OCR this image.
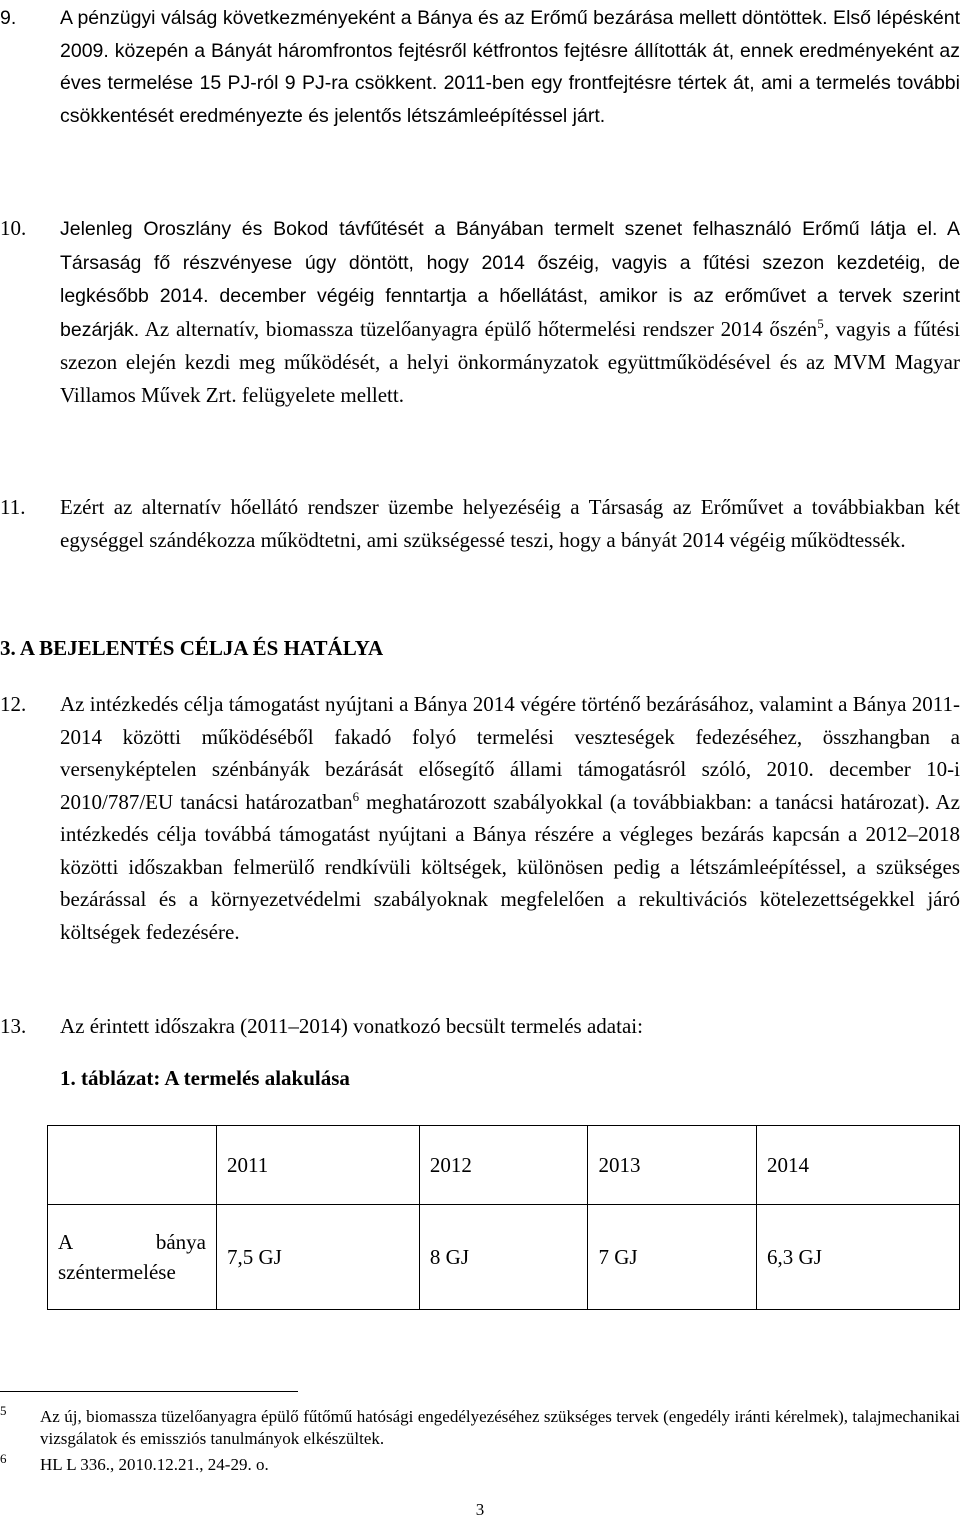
9.	A pénzügyi válság következményeként a Bánya és az Erőmű bezárása mellett döntöttek. Első lépésként 2009. közepén a Bányát háromfrontos fejtésről kétfrontos fejtésre állították át, ennek eredményeként az éves termelése 15 PJ-ról 9 PJ-ra csökkent. 2011-ben egy frontfejtésre tértek át, ami a termelés további csökkentését eredményezte és jelentős létszámleépítéssel járt.

10.	Jelenleg Oroszlány és Bokod távfűtését a Bányában termelt szenet felhasználó Erőmű látja el. A Társaság fő részvényese úgy döntött, hogy 2014 őszéig, vagyis a fűtési szezon kezdetéig, de legkésőbb 2014. december végéig fenntartja a hőellátást, amikor is az erőművet a tervek szerint bezárják. Az alternatív, biomassza tüzelőanyagra épülő hőtermelési rendszer 2014 őszén$^5$, vagyis a fűtési szezon elején kezdi meg működését, a helyi önkormányzatok együttműködésével és az MVM Magyar Villamos Művek Zrt. felügyelete mellett.

11.	Ezért az alternatív hőellátó rendszer üzembe helyezéséig a Társaság az Erőművet a továbbiakban két egységgel szándékozza működtetni, ami szükségessé teszi, hogy a bányát 2014 végéig működtessék.

3. A BEJELENTÉS CÉLJA ÉS HATÁLYA

12.	Az intézkedés célja támogatást nyújtani a Bánya 2014 végére történő bezárásához, valamint a Bánya 2011-2014 közötti működéséből fakadó folyó termelési veszteségek fedezéséhez, összhangban a versenyképtelen szénbányák bezárását elősegítő állami támogatásról szóló, 2010. december 10-i 2010/787/EU tanácsi határozatban$^6$ meghatározott szabályokkal (a továbbiakban: a tanácsi határozat). Az intézkedés célja továbbá támogatást nyújtani a Bánya részére a végleges bezárás kapcsán a 2012–2018 közötti időszakban felmerülő rendkívüli költségek, különösen pedig a létszámleépítéssel, a szükséges bezárással és a környezetvédelmi szabályoknak megfelelően a rekultivációs kötelezettségekkel járó költségek fedezésére.

13.	Az érintett időszakra (2011–2014) vonatkozó becsült termelés adatai:

1. táblázat: A termelés alakulása

	2011	2012	2013	2014

A bánya
széntermelése	7,5 GJ	8 GJ	7 GJ	6,3 GJ

5	Az új, biomassza tüzelőanyagra épülő fűtőmű hatósági engedélyezéséhez szükséges tervek (engedély iránti kérelmek), talajmechanikai vizsgálatok és emissziós tanulmányok elkészültek.

6	HL L 336., 2010.12.21., 24-29. o.

3
